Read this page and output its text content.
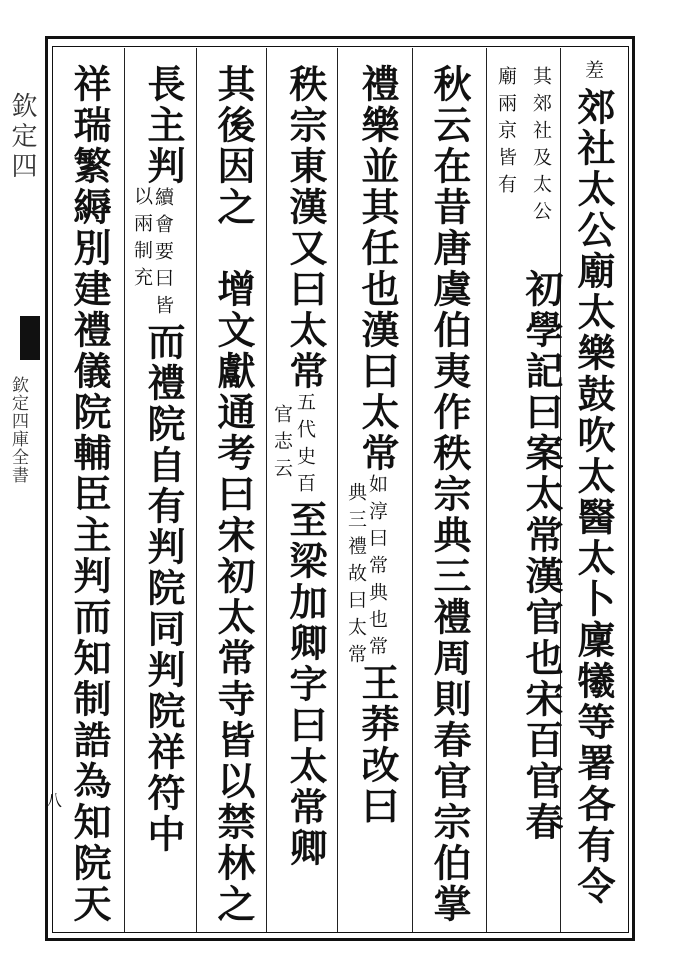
欽定四
欽定四庫全書
八
差郊社太公廟太樂鼓吹太醫太卜廩犧等署各有令
其郊社及太公　初學記曰案太常漢官也宋百官春
廟兩京皆有
秋云在昔唐虞伯夷作秩宗典三禮周則春官宗伯掌
禮樂並其任也漢曰太常如淳曰常典也常王莽改曰
典三禮故曰太常
秩宗東漢又曰太常五代史百至梁加卿字曰太常卿
官志云
其後因之　增文獻通考曰宋初太常寺皆以禁林之
長主判續會要曰皆而禮院自有判院同判院祥符中
以兩制充
祥瑞繁縟別建禮儀院輔臣主判而知制誥為知院天
